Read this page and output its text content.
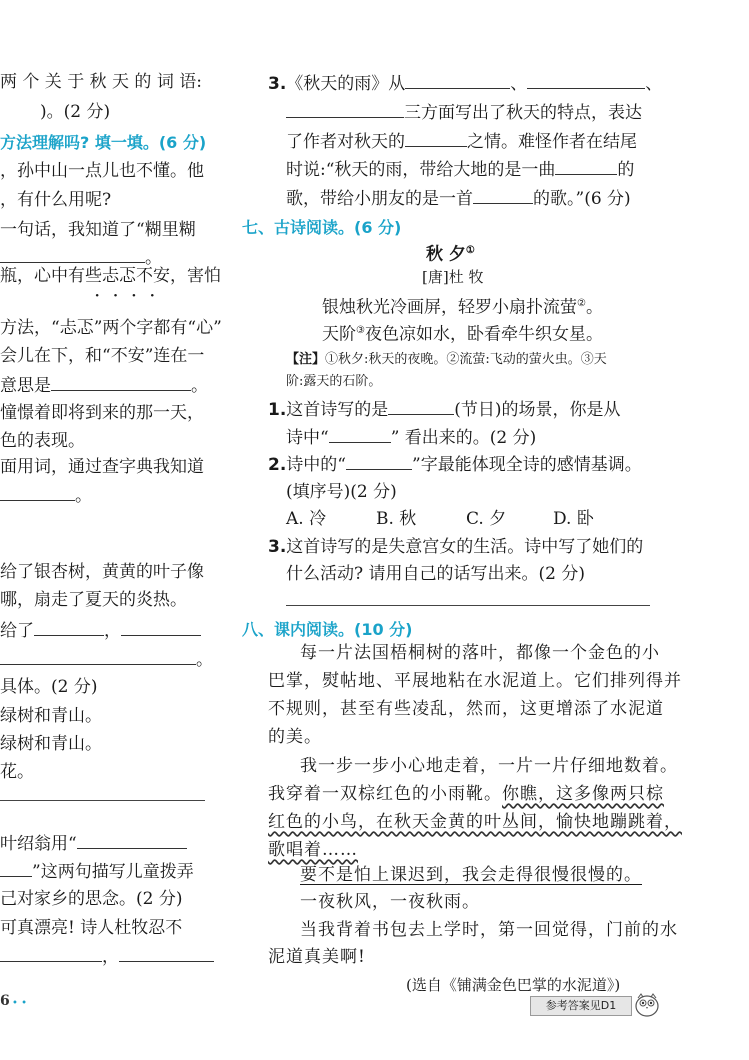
两 个 关 于 秋 天 的 词 语:
)。(2 分)
方法理解吗? 填一填。(6 分)
，孙中山一点儿也不懂。他
，有什么用呢?
一句话，我知道了“糊里糊
。
瓶，心中有些忐忑不安，害怕
····
方法，“忐忑”两个字都有“心”
会儿在下，和“不安”连在一
意思是	。
憧憬着即将到来的那一天，
色的表现。
面用词，通过查字典我知道
。
给了银杏树，黄黄的叶子像
哪，扇走了夏天的炎热。
给了	，
。
具体。(2 分)
绿树和青山。
绿树和青山。
花。
叶绍翁用“
”这两句描写儿童拨弄
己对家乡的思念。(2 分)
可真漂亮! 诗人杜牧忍不
，
6 • •
3.《秋天的雨》从	、	、
三方面写出了秋天的特点，表达
了作者对秋天的	之情。难怪作者在结尾
时说:“秋天的雨，带给大地的是一曲	的
歌，带给小朋友的是一首	的歌。”(6 分)
七、古诗阅读。(6 分)
秋 夕①
[唐]杜 牧
银烛秋光冷画屏，轻罗小扇扑流萤②。
天阶③夜色凉如水，卧看牵牛织女星。
【注】①秋夕:秋天的夜晚。②流萤:飞动的萤火虫。③天
阶:露天的石阶。
1.这首诗写的是	(节日)的场景，你是从
诗中“	” 看出来的。(2 分)
2.诗中的“	”字最能体现全诗的感情基调。
(填序号)(2 分)
A. 冷	B. 秋	C. 夕	D. 卧
3.这首诗写的是失意宫女的生活。诗中写了她们的
什么活动? 请用自己的话写出来。(2 分)
八、课内阅读。(10 分)
每一片法国梧桐树的落叶，都像一个金色的小
巴掌，熨帖地、平展地粘在水泥道上。它们排列得并
不规则，甚至有些凌乱，然而，这更增添了水泥道
的美。
我一步一步小心地走着，一片一片仔细地数着。
我穿着一双棕红色的小雨靴。你瞧，这多像两只棕
红色的小鸟，在秋天金黄的叶丛间，愉快地蹦跳着，
歌唱着……
要不是怕上课迟到，我会走得很慢很慢的。
一夜秋风，一夜秋雨。
当我背着书包去上学时，第一回觉得，门前的水
泥道真美啊!
(选自《铺满金色巴掌的水泥道》)
参考答案见D1
